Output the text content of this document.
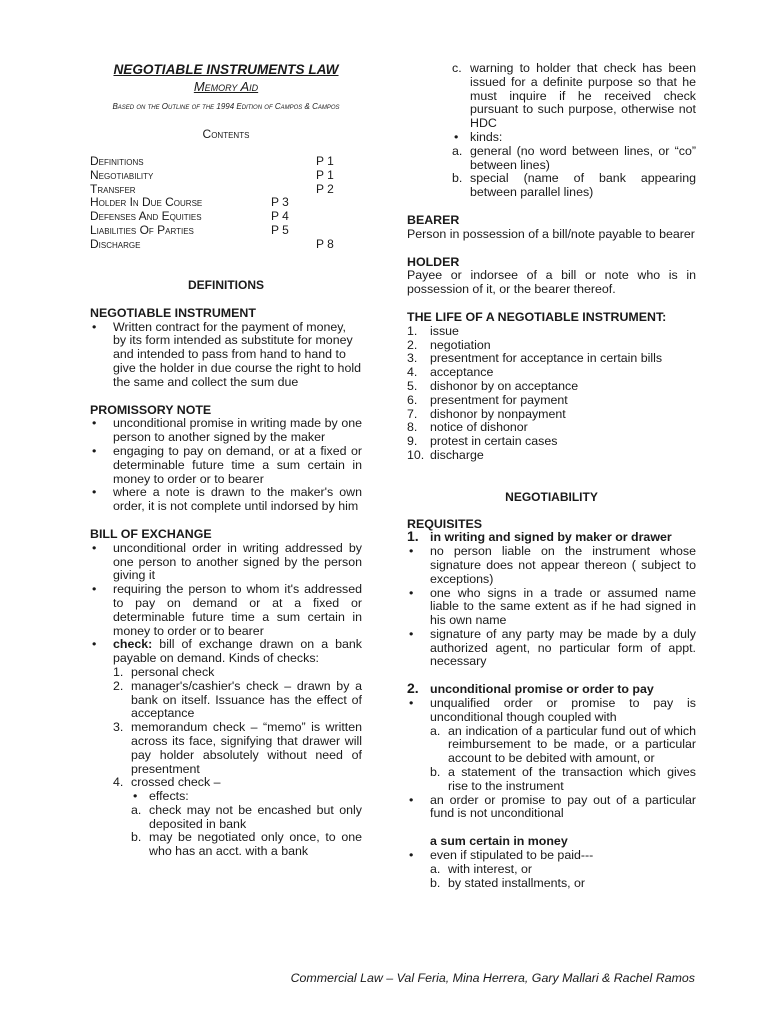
NEGOTIABLE INSTRUMENTS LAW
Memory Aid
Based on the Outline of the 1994 Edition of Campos & Campos
Contents
Definitions	P 1
Negotiability	P 1
Transfer	P 2
Holder In Due Course	P 3
Defenses And Equities	P 4
Liabilities Of Parties	P 5
Discharge	P 8

DEFINITIONS

NEGOTIABLE INSTRUMENT

• Written contract for the payment of money, by its form intended as substitute for money and intended to pass from hand to hand to give the holder in due course the right to hold the same and collect the sum due

PROMISSORY NOTE

• unconditional promise in writing made by one person to another signed by the maker
• engaging to pay on demand, or at a fixed or determinable future time a sum certain in money to order or to bearer
• where a note is drawn to the maker's own order, it is not complete until indorsed by him

BILL OF EXCHANGE

• unconditional order in writing addressed by one person to another signed by the person giving it
• requiring the person to whom it's addressed to pay on demand or at a fixed or determinable future time a sum certain in money to order or to bearer
• check: bill of exchange drawn on a bank payable on demand. Kinds of checks:
1. personal check
2. manager's/cashier's check – drawn by a bank on itself. Issuance has the effect of acceptance
3. memorandum check – “memo” is written across its face, signifying that drawer will pay holder absolutely without need of presentment
4. crossed check –
• effects:
a. check may not be encashed but only deposited in bank
b. may be negotiated only once, to one who has an acct. with a bank
c. warning to holder that check has been issued for a definite purpose so that he must inquire if he received check pursuant to such purpose, otherwise not HDC
• kinds:
a. general (no word between lines, or “co” between lines)
b. special (name of bank appearing between parallel lines)

BEARER

Person in possession of a bill/note payable to bearer

HOLDER

Payee or indorsee of a bill or note who is in possession of it, or the bearer thereof.

THE LIFE OF A NEGOTIABLE INSTRUMENT:

1. issue
2. negotiation
3. presentment for acceptance in certain bills
4. acceptance
5. dishonor by on acceptance
6. presentment for payment
7. dishonor by nonpayment
8. notice of dishonor
9. protest in certain cases
10. discharge

NEGOTIABILITY

REQUISITES

1. in writing and signed by maker or drawer

• no person liable on the instrument whose signature does not appear thereon ( subject to exceptions)
• one who signs in a trade or assumed name liable to the same extent as if he had signed in his own name
• signature of any party may be made by a duly authorized agent, no particular form of appt. necessary

2. unconditional promise or order to pay

• unqualified order or promise to pay is unconditional though coupled with
a. an indication of a particular fund out of which reimbursement to be made, or a particular account to be debited with amount, or
b. a statement of the transaction which gives rise to the instrument
• an order or promise to pay out of a particular fund is not unconditional

a sum certain in money

• even if stipulated to be paid---
a. with interest, or
b. by stated installments, or
Commercial Law – Val Feria, Mina Herrera, Gary Mallari & Rachel Ramos
